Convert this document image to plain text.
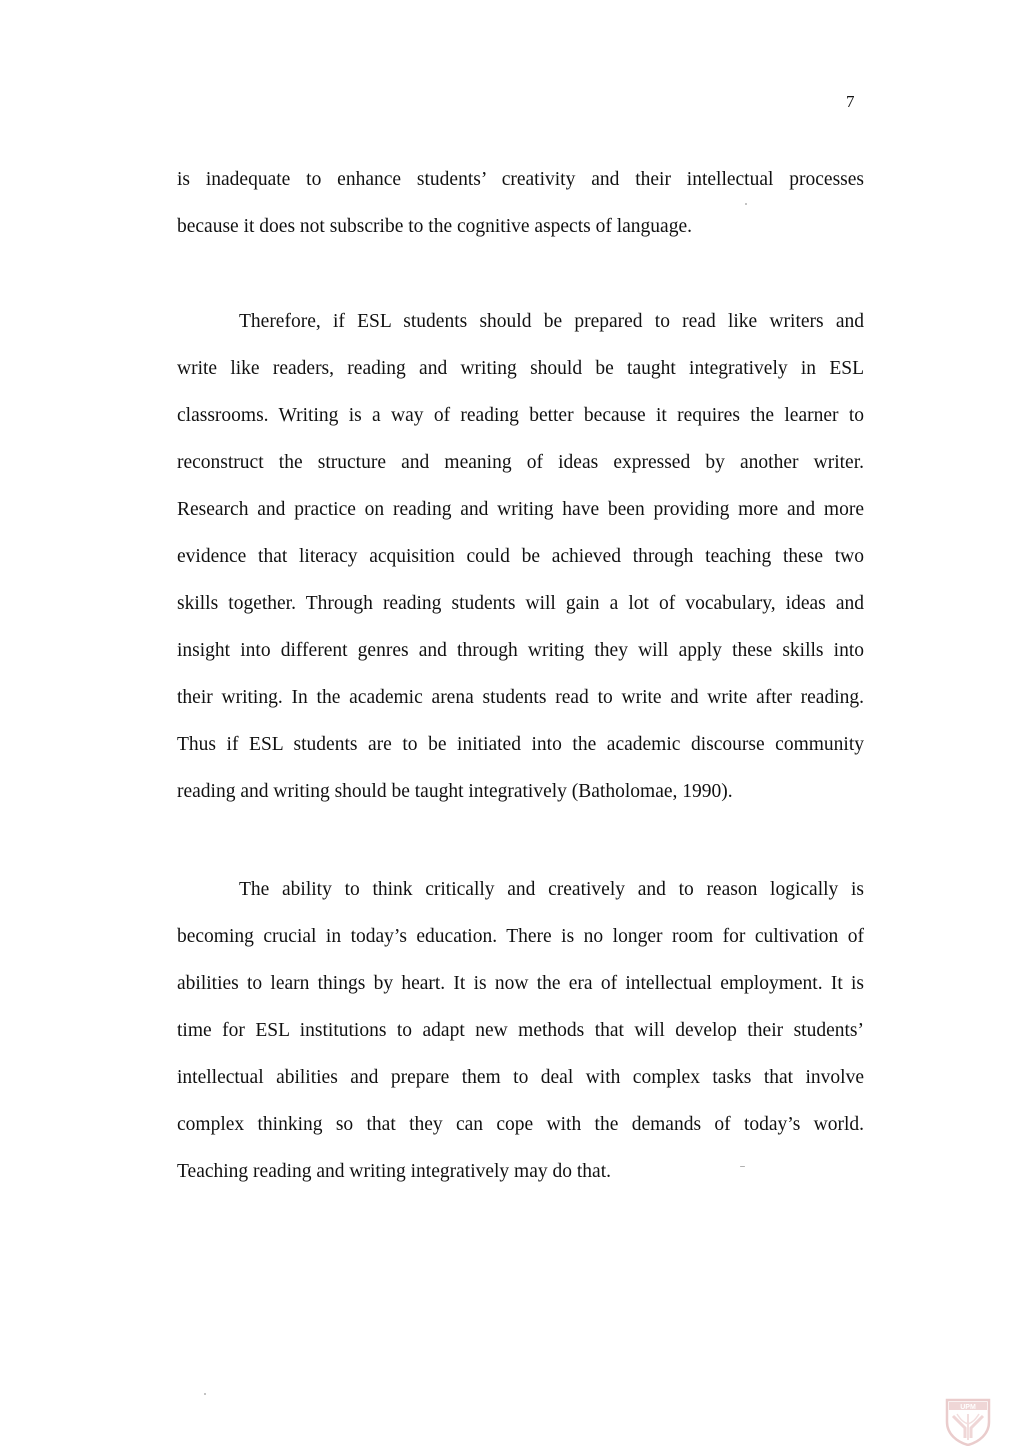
7
is inadequate to enhance students’ creativity and their intellectual processes
because it does not subscribe to the cognitive aspects of language.
Therefore, if ESL students should be prepared to read like writers and
write like readers, reading and writing should be taught integratively in ESL
classrooms. Writing is a way of reading better because it requires the learner to
reconstruct the structure and meaning of ideas expressed by another writer.
Research and practice on reading and writing have been providing more and more
evidence that literacy acquisition could be achieved through teaching these two
skills together. Through reading students will gain a lot of vocabulary, ideas and
insight into different genres and through writing they will apply these skills into
their writing. In the academic arena students read to write and write after reading.
Thus if ESL students are to be initiated into the academic discourse community
reading and writing should be taught integratively (Batholomae, 1990).
The ability to think critically and creatively and to reason logically is
becoming crucial in today’s education. There is no longer room for cultivation of
abilities to learn things by heart. It is now the era of intellectual employment. It is
time for ESL institutions to adapt new methods that will develop their students’
intellectual abilities and prepare them to deal with complex tasks that involve
complex thinking so that they can cope with the demands of today’s world.
Teaching reading and writing integratively may do that.
UPM
